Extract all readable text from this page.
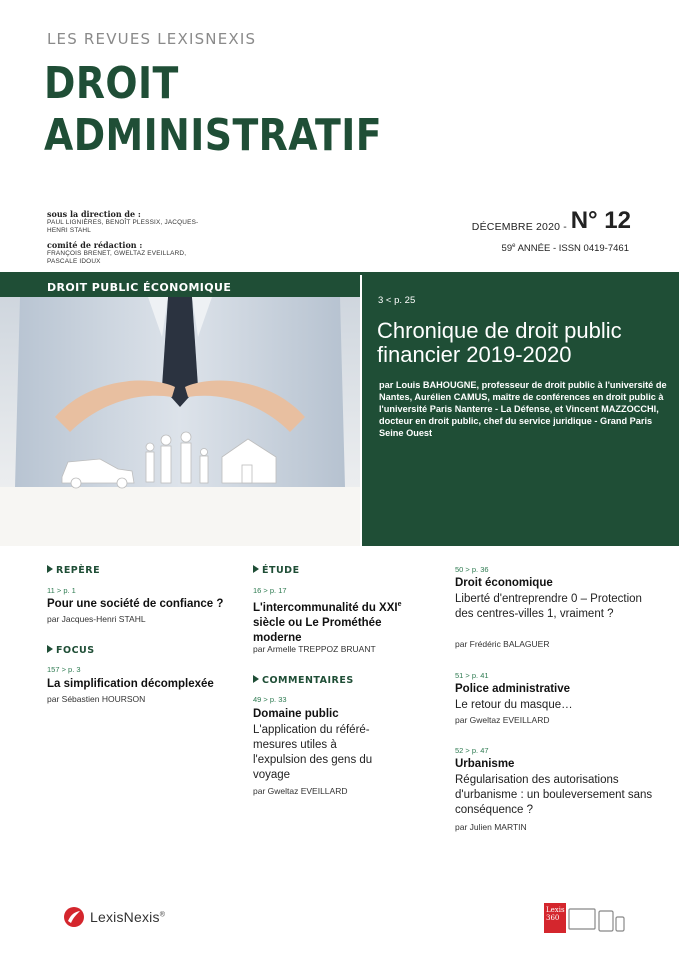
LES REVUES LEXISNEXIS
DROIT
ADMINISTRATIF
sous la direction de :
PAUL LIGNIÈRES, BENOÎT PLESSIX, JACQUES-HENRI STAHL
comité de rédaction :
FRANÇOIS BRENET, GWELTAZ EVEILLARD, PASCALE IDOUX
DÉCEMBRE 2020 - N° 12
59e ANNÉE - ISSN 0419-7461
DROIT PUBLIC ÉCONOMIQUE
3 < p. 25
Chronique de droit public financier 2019-2020
par Louis BAHOUGNE, professeur de droit public à l'université de Nantes, Aurélien CAMUS, maître de conférences en droit public à l'université Paris Nanterre - La Défense, et Vincent MAZZOCCHI, docteur en droit public, chef du service juridique - Grand Paris Seine Ouest
REPÈRE
11 > p. 1
Pour une société de confiance ?
par Jacques-Henri STAHL
FOCUS
157 > p. 3
La simplification décomplexée
par Sébastien HOURSON
ÉTUDE
16 > p. 17
L'intercommunalité du XXIe siècle ou Le Prométhée moderne
par Armelle TREPPOZ BRUANT
COMMENTAIRES
49 > p. 33
Domaine public
L'application du référé-mesures utiles à l'expulsion des gens du voyage
par Gweltaz EVEILLARD
50 > p. 36
Droit économique
Liberté d'entreprendre 0 – Protection des centres-villes 1, vraiment ?
par Frédéric BALAGUER
51 > p. 41
Police administrative
Le retour du masque…
par Gweltaz EVEILLARD
52 > p. 47
Urbanisme
Régularisation des autorisations d'urbanisme : un bouleversement sans conséquence ?
par Julien MARTIN
LexisNexis®
Lexis 360
